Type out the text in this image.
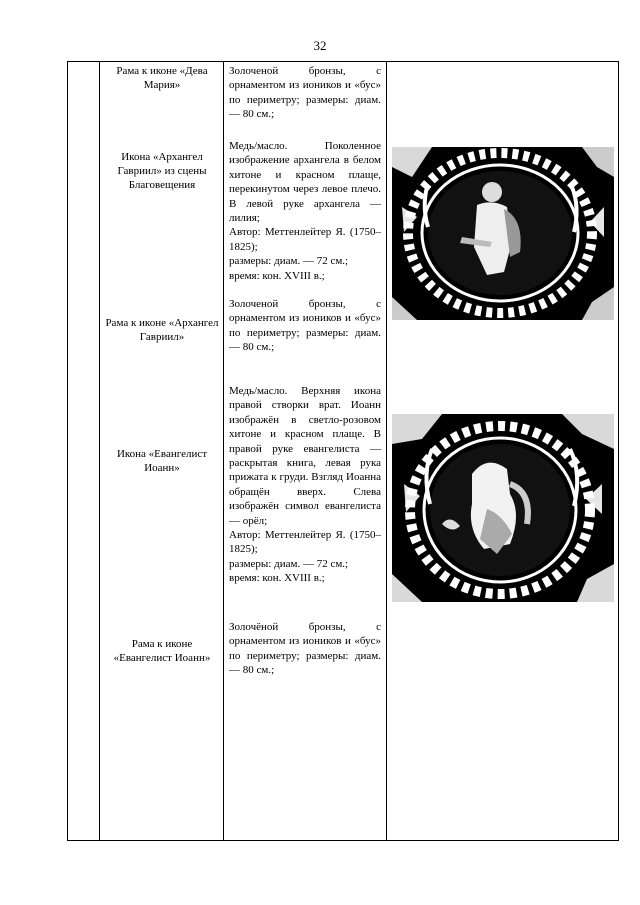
32
Рама к иконе «Дева Мария»

Золоченой бронзы, с орнаментом из иоников и «бус» по периметру; размеры: диам. — 80 см.;

Икона «Архангел Гавриил» из сцены Благовещения

Медь/масло. Поколенное изображение архангела в белом хитоне и красном плаще, перекинутом через левое плечо. В левой руке архангела — лилия;

Автор: Меттенлейтер Я. (1750–1825);

размеры: диам. — 72 см.;

время: кон. XVIII в.;

Рама к иконе «Архангел Гавриил»

Золоченой бронзы, с орнаментом из иоников и «бус» по периметру; размеры: диам. — 80 см.;

Икона «Евангелист Иоанн»

Медь/масло. Верхняя икона правой створки врат. Иоанн изображён в светло-розовом хитоне и красном плаще. В правой руке евангелиста — раскрытая книга, левая рука прижата к груди. Взгляд Иоанна обращён вверх. Слева изображён символ евангелиста — орёл;

Автор: Меттенлейтер Я. (1750–1825);

размеры: диам. — 72 см.;

время: кон. XVIII в.;

Рама к иконе «Евангелист Иоанн»

Золочёной бронзы, с орнаментом из иоников и «бус» по периметру; размеры: диам. — 80 см.;
